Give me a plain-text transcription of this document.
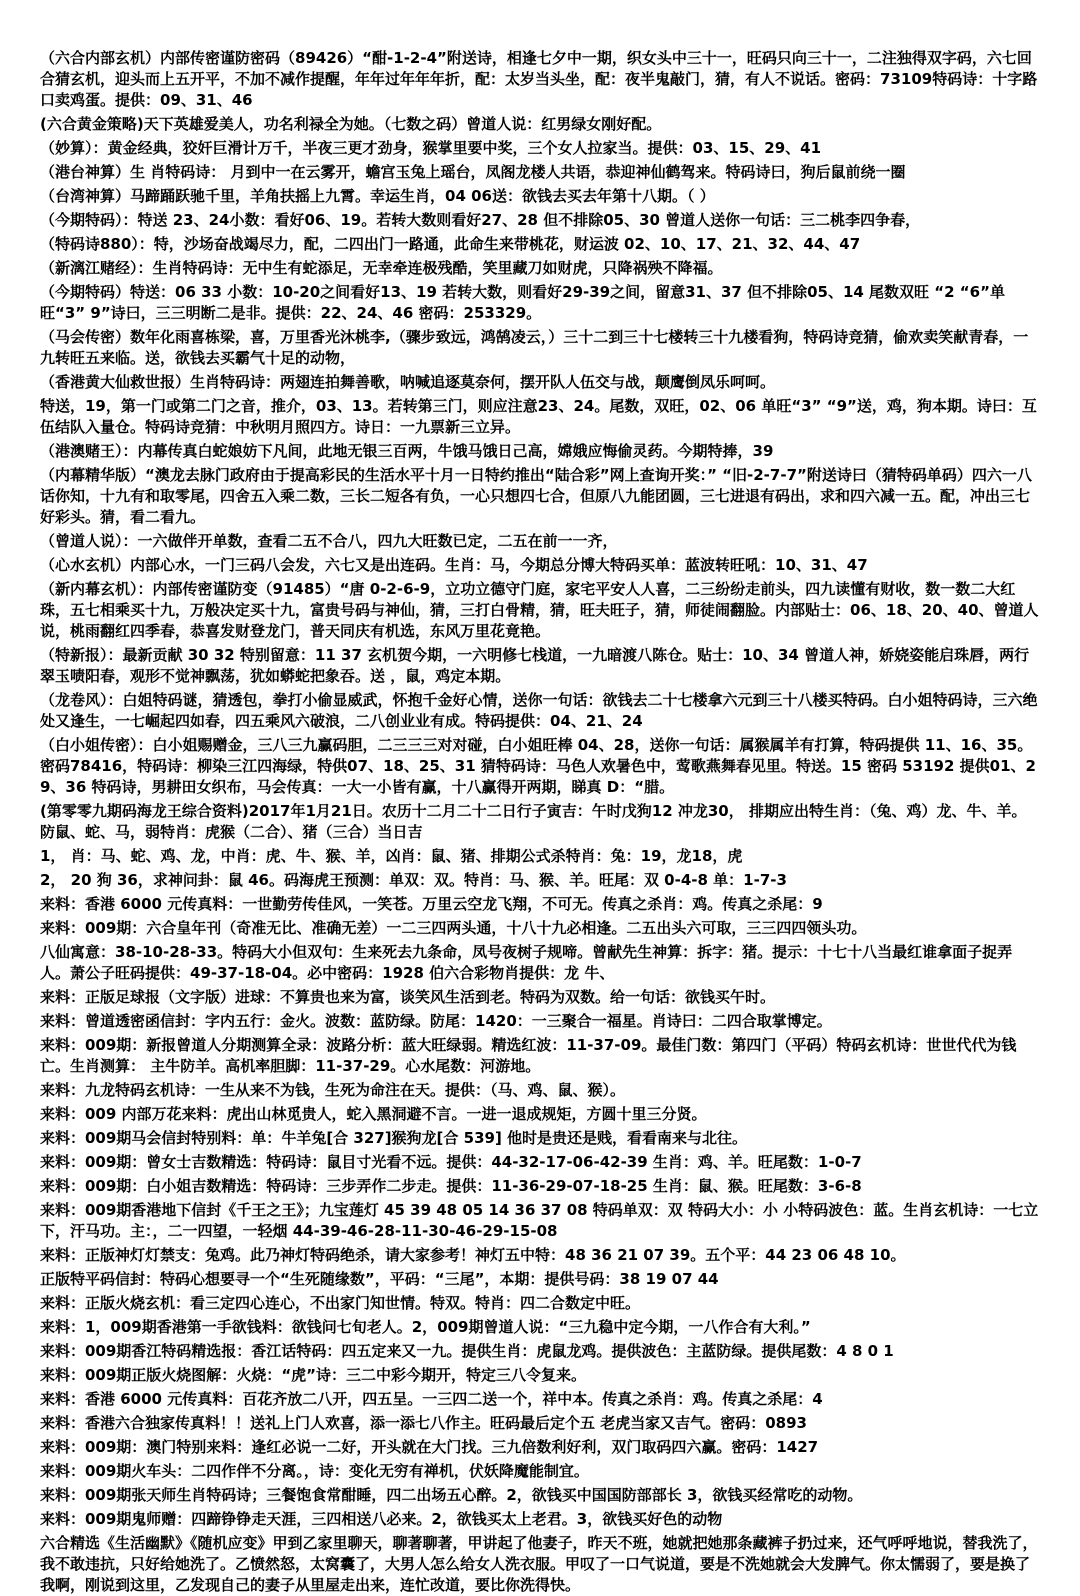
（六合内部玄机）内部传密谨防密码（89426）“酣-1-2-4”附送诗，相逢七夕中一期，织女头中三十一，旺码只向三十一，二注独得双字码，六七回合猜玄机，迎头而上五开平，不加不减作提醒，年年过年年年折，配：太岁当头坐，配：夜半鬼敲门，猜，有人不说话。密码：73109特码诗：十字路口卖鸡蛋。提供：09、31、46

(六合黄金策略)天下英雄爱美人，功名利禄全为她。（七数之码）曾道人说：红男绿女刚好配。

（妙算）：黄金经典，狡奸巨滑计万千，半夜三更才劲身，猴掌里要中奖，三个女人拉家当。提供：03、15、29、41

（港台神算）生 肖特码诗： 月到中一在云雾开，蟾宫玉兔上瑶台，凤阁龙楼人共语，恭迎神仙鹤驾来。特码诗曰，狗后鼠前绕一圈

（台湾神算）马蹄踊跃驰千里，羊角扶摇上九霄。幸运生肖，04 06送：欲钱去买去年第十八期。（ ）

（今期特码）：特送 23、24小数：看好06、19。若转大数则看好27、28 但不排除05、30 曾道人送你一句话：三二桃李四争春，

（特码诗880）：特，沙场奋战竭尽力，配，二四出门一路通，此命生来带桃花，财运波 02、10、17、21、32、44、47

（新漓江赌经）：生肖特码诗：无中生有蛇添足，无幸牵连极残酷，笑里藏刀如财虎，只降祸殃不降福。

（今期特码）特送：06 33 小数：10-20之间看好13、19 若转大数，则看好29-39之间，留意31、37 但不排除05、14 尾数双旺 “2 “6”单旺“3” 9”诗曰，三三明断二是非。提供：22、24、46 密码：253329。

（马会传密）数年化雨喜栋梁，喜，万里香光沐桃李,（骤步致远，鸿鹄凌云，）三十二到三十七楼转三十九楼看狗，特码诗竞猜，偷欢卖笑献青春，一九转旺五来临。送，欲钱去买霸气十足的动物，

（香港黄大仙救世报）生肖特码诗：两翅连拍舞善歌，呐喊追逐莫奈何，摆开队人伍交与战，颠鹰倒凤乐呵呵。

特送，19，第一门或第二门之音，推介，03、13。若转第三门，则应注意23、24。尾数，双旺，02、06 单旺“3” “9”送，鸡，狗本期。诗曰：互伍结队入量仓。特码诗竞猜：中秋明月照四方。诗日：一九票新三立异。

（港澳赌王）：内幕传真白蛇娘妨下凡间，此地无银三百两，牛饿马饿日己高，嫦娥应悔偷灵药。今期特捧，39

（内幕精华版）“澳龙去脉门政府由于提高彩民的生活水平十月一日特约推出“陆合彩”网上查询开奖：” “旧-2-7-7”附送诗曰（猜特码单码）四六一八话你知，十九有和取零尾，四舍五入乘二数，三长二短各有负，一心只想四七合，但原八九能团圆，三七进退有码出，求和四六减一五。配，冲出三七好彩头。猜，看二看九。

（曾道人说）：一六做伴开单数，查看二五不合八，四九大旺数已定，二五在前一一齐，

（心水玄机）内部心水，一门三码八会发，六七又是出连码。生肖：马，今期总分博大特码买单：蓝波转旺吼：10、31、47

（新内幕玄机）：内部传密谨防变（91485）“唐 0-2-6-9，立功立德守门庭，家宅平安人人喜，二三纷纷走前头，四九读懂有财收，数一数二大红珠，五七相乘买十九，万般决定买十九，富贵号码与神仙，猜，三打白骨精，猜，旺夫旺子，猜，师徒闹翻脸。内部贴士：06、18、20、40、曾道人说，桃雨翻红四季春，恭喜发财登龙门，普天同庆有机选，东风万里花竟艳。

（特新报）：最新贡献 30 32 特别留意：11 37 玄机贺今期，一六明修七栈道，一九暗渡八陈仓。贴士：10、34 曾道人神，娇娆姿能启珠唇，两行翠玉啧阳春，观形不觉神飘荡，犹如蟒蛇把象吞。送 ，鼠，鸡定本期。

（龙卷风）：白姐特码谜，猜透包，拳打小偷显威武，怀抱千金好心情，送你一句话：欲钱去二十七楼拿六元到三十八楼买特码。白小姐特码诗，三六绝处又逢生，一七崛起四如春，四五乘风六破浪，二八创业业有成。特码提供：04、21、24

（白小姐传密）：白小姐赐赠金，三八三九赢码胆，二三三三对对碰，白小姐旺棒 04、28，送你一句话：属猴属羊有打算，特码提供 11、16、35。密码78416，特码诗：柳染三江四海绿，特供07、18、25、31 猜特码诗：马色人欢暑色中，莺歌燕舞春见里。特送。15 密码 53192 提供01、29、36 特码诗，男耕田女织布，马会传真：一大一小皆有赢，十八赢得开两期，睇真 D：“腊。

(第零零九期码海龙王综合资料)2017年1月21日。农历十二月二十二日行子寅吉：午时戊狗12 冲龙30， 排期应出特生肖：（兔、鸡）龙、牛、羊。防鼠、蛇、马，弱特肖：虎猴（二合）、猪（三合）当日吉

1， 肖：马、蛇、鸡、龙，中肖：虎、牛、猴、羊，凶肖：鼠、猪、排期公式杀特肖：兔：19，龙18，虎

2， 20 狗 36，求神问卦：鼠 46。码海虎王预测：单双：双。特肖：马、猴、羊。旺尾：双 0-4-8 单：1-7-3

来料：香港 6000 元传真料：一世勤劳传佳风，一笑苍。万里云空龙飞翔，不可无。传真之杀肖：鸡。传真之杀尾：9

来料：009期：六合皇年刊（奇准无比、准确无差）一二三四两头通，十八十九必相逢。二五出头六可取，三三四四领头功。

八仙寓意：38-10-28-33。特码大小但双句：生来死去九条命，凤号夜树子规啼。曾献先生神算：拆字：猪。提示：十七十八当最红谁拿面子捉弄人。萧公子旺码提供：49-37-18-04。必中密码：1928 伯六合彩物肖提供：龙 牛、

来料：正版足球报（文字版）进球：不算贵也来为富，谈笑风生活到老。特码为双数。给一句话：欲钱买午时。

来料：曾道透密函信封：字内五行：金火。波数：蓝防绿。防尾：1420：一三聚合一福星。肖诗曰：二四合取掌博定。

来料：009期：新报曾道人分期测算全录：波路分析：蓝大旺绿弱。精选红波：11-37-09。最佳门数：第四门（平码）特码玄机诗：世世代代为钱亡。生肖测算： 主牛防羊。高机率胆脚：11-37-29。心水尾数：河游地。

来料：九龙特码玄机诗：一生从来不为钱，生死为命注在天。提供：（马、鸡、鼠、猴）。

来料：009 内部万花来料：虎出山林觅贵人，蛇入黑洞避不言。一进一退成规矩，方圆十里三分贤。

来料：009期马会信封特别料：单：牛羊兔[合 327]猴狗龙[合 539] 他时是贵还是贱，看看南来与北往。

来料：009期：曾女士吉数精选：特码诗：鼠目寸光看不远。提供：44-32-17-06-42-39 生肖：鸡、羊。旺尾数：1-0-7

来料：009期：白小姐吉数精选：特码诗：三步弄作二步走。提供：11-36-29-07-18-25 生肖：鼠、猴。旺尾数：3-6-8

来料：009期香港地下信封《千王之王》；九宝莲灯 45 39 48 05 14 36 37 08 特码单双：双 特码大小：小 小特码波色：蓝。生肖玄机诗：一七立下，汗马功。主：，二一四望，一轻烟 44-39-46-28-11-30-46-29-15-08

来料：正版神灯灯禁支：兔鸡。此乃神灯特码绝杀，请大家参考！神灯五中特：48 36 21 07 39。五个平：44 23 06 48 10。

正版特平码信封：特码心想要寻一个“生死随缘数”，平码：“三尾”，本期：提供号码：38 19 07 44

来料：正版火烧玄机：看三定四心连心，不出家门知世情。特双。特肖：四二合数定中旺。

来料：1，009期香港第一手欲钱料：欲钱问七旬老人。2，009期曾道人说：“三九稳中定今期，一八作合有大利。”

来料：009期香江特码精选报：香江话特码：四五定来又一九。提供生肖：虎鼠龙鸡。提供波色：主蓝防绿。提供尾数：4 8 0 1

来料：009期正版火烧图解：火烧：“虎”诗：三二中彩今期开，特定三八令复来。

来料：香港 6000 元传真料：百花齐放二八开，四五呈。一三四二送一个，祥中本。传真之杀肖：鸡。传真之杀尾：4

来料：香港六合独家传真料！！送礼上门人欢喜，添一添七八作主。旺码最后定个五 老虎当家又吉气。密码：0893

来料：009期：澳门特别来料：逢红必说一二好，开头就在大门找。三九倍数利好利，双门取码四六赢。密码：1427

来料：009期火车头：二四作伴不分离。，诗：变化无穷有禅机，伏妖降魔能制宜。

来料：009期张天师生肖特码诗；三餐饱食常酣睡，四二出场五心醉。2，欲钱买中国国防部部长 3，欲钱买经常吃的动物。

来料：009期鬼师赠：四蹄铮铮走天涯，三四相送八必来。2，欲钱买太上老君。3，欲钱买好色的动物

六合精选《生活幽默》《随机应变》甲到乙家里聊天，聊著聊著，甲讲起了他妻子，昨天不班，她就把她那条藏裤子扔过来，还气呼呼地说，替我洗了，我不敢违抗，只好给她洗了。乙愤然怒，太窝囊了，大男人怎么给女人洗衣服。甲叹了一口气说道，要是不洗她就会大发脾气。你太懦弱了，要是换了我啊，刚说到这里，乙发现自己的妻子从里屋走出来，连忙改道，要比你洗得快。
